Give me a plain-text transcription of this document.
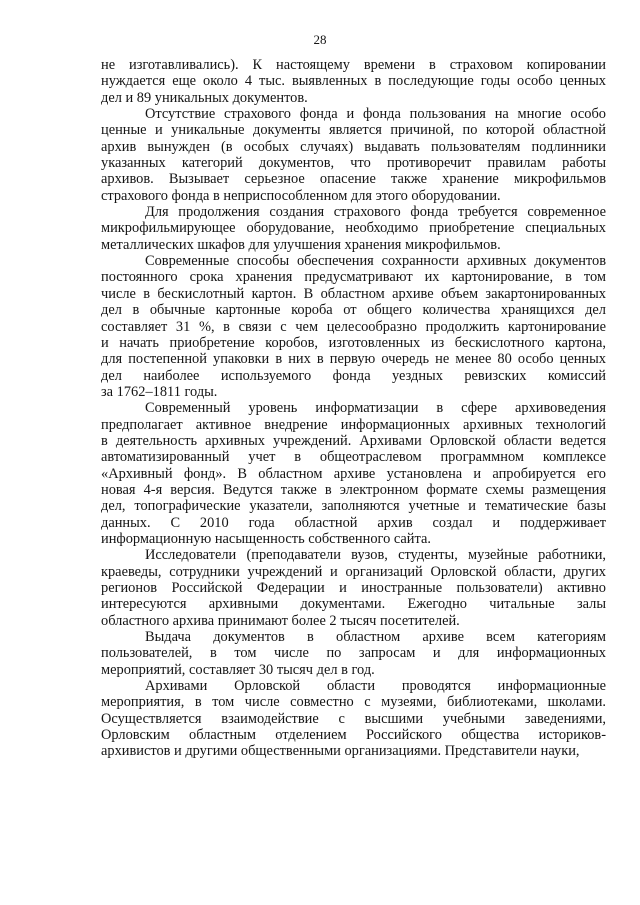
28
не изготавливались). К настоящему времени в страховом копировании
нуждается еще около 4 тыс. выявленных в последующие годы особо ценных
дел и 89 уникальных документов.
Отсутствие страхового фонда и фонда пользования на многие особо
ценные и уникальные документы является причиной, по которой областной
архив вынужден (в особых случаях) выдавать пользователям подлинники
указанных категорий документов, что противоречит правилам работы
архивов. Вызывает серьезное опасение также хранение микрофильмов
страхового фонда в неприспособленном для этого оборудовании.
Для продолжения создания страхового фонда требуется современное
микрофильмирующее оборудование, необходимо приобретение специальных
металлических шкафов для улучшения хранения микрофильмов.
Современные способы обеспечения сохранности архивных документов
постоянного срока хранения предусматривают их картонирование, в том
числе в бескислотный картон. В областном архиве объем закартонированных
дел в обычные картонные короба от общего количества хранящихся дел
составляет 31 %, в связи с чем целесообразно продолжить картонирование
и начать приобретение коробов, изготовленных из бескислотного картона,
для постепенной упаковки в них в первую очередь не менее 80 особо ценных
дел наиболее используемого фонда уездных ревизских комиссий
за 1762–1811 годы.
Современный уровень информатизации в сфере архивоведения
предполагает активное внедрение информационных архивных технологий
в деятельность архивных учреждений. Архивами Орловской области ведется
автоматизированный учет в общеотраслевом программном комплексе
«Архивный фонд». В областном архиве установлена и апробируется его
новая 4-я версия. Ведутся также в электронном формате схемы размещения
дел, топографические указатели, заполняются учетные и тематические базы
данных. С 2010 года областной архив создал и поддерживает
информационную насыщенность собственного сайта.
Исследователи (преподаватели вузов, студенты, музейные работники,
краеведы, сотрудники учреждений и организаций Орловской области, других
регионов Российской Федерации и иностранные пользователи) активно
интересуются архивными документами. Ежегодно читальные залы
областного архива принимают более 2 тысяч посетителей.
Выдача документов в областном архиве всем категориям
пользователей, в том числе по запросам и для информационных
мероприятий, составляет 30 тысяч дел в год.
Архивами Орловской области проводятся информационные
мероприятия, в том числе совместно с музеями, библиотеками, школами.
Осуществляется взаимодействие с высшими учебными заведениями,
Орловским областным отделением Российского общества историков-
архивистов и другими общественными организациями. Представители науки,
